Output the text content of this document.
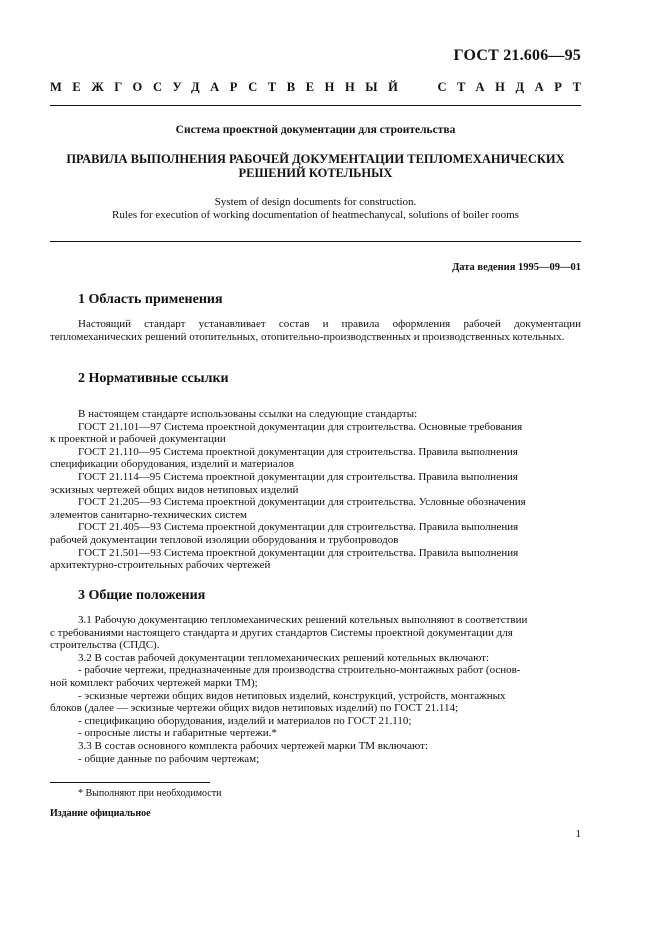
ГОСТ 21.606—95
МЕЖГОСУДАРСТВЕННЫЙ СТАНДАРТ
Система проектной документации для строительства
ПРАВИЛА ВЫПОЛНЕНИЯ РАБОЧЕЙ ДОКУМЕНТАЦИИ ТЕПЛОМЕХАНИЧЕСКИХ
РЕШЕНИЙ КОТЕЛЬНЫХ
System of design documents for construction.
Rules for execution of working documentation of heatmechanycal, solutions of boiler rooms
Дата ведения 1995—09—01
1 Область применения

Настоящий стандарт устанавливает состав и правила оформления рабочей документации тепломеханических решений отопительных, отопительно-производственных и производственных котельных.

2 Нормативные ссылки
В настоящем стандарте использованы ссылки на следующие стандарты:
ГОСТ 21.101—97 Система проектной документации для строительства. Основные требования
к проектной и рабочей документации
ГОСТ 21.110—95 Система проектной документации для строительства. Правила выполнения
спецификации оборудования, изделий и материалов
ГОСТ 21.114—95 Система проектной документации для строительства. Правила выполнения
эскизных чертежей общих видов нетиповых изделий
ГОСТ 21.205—93 Система проектной документации для строительства. Условные обозначения
элементов санитарно-технических систем
ГОСТ 21.405—93 Система проектной документации для строительства. Правила выполнения
рабочей документации тепловой изоляции оборудования и трубопроводов
ГОСТ 21.501—93 Система проектной документации для строительства. Правила выполнения
архитектурно-строительных рабочих чертежей
3 Общие положения
3.1 Рабочую документацию тепломеханических решений котельных выполняют в соответствии
с требованиями настоящего стандарта и других стандартов Системы проектной документации для
строительства (СПДС).
3.2 В состав рабочей документации тепломеханических решений котельных включают:
- рабочие чертежи, предназначенные для производства строительно-монтажных работ (основ-
ной комплект рабочих чертежей марки ТМ);
- эскизные чертежи общих видов нетиповых изделий, конструкций, устройств, монтажных
блоков (далее — эскизные чертежи общих видов нетиповых изделий) по ГОСТ 21.114;
- спецификацию оборудования, изделий и материалов по ГОСТ 21.110;
- опросные листы и габаритные чертежи.*
3.3 В состав основного комплекта рабочих чертежей марки ТМ включают:
- общие данные по рабочим чертежам;
* Выполняют при необходимости
Издание официальное
1
